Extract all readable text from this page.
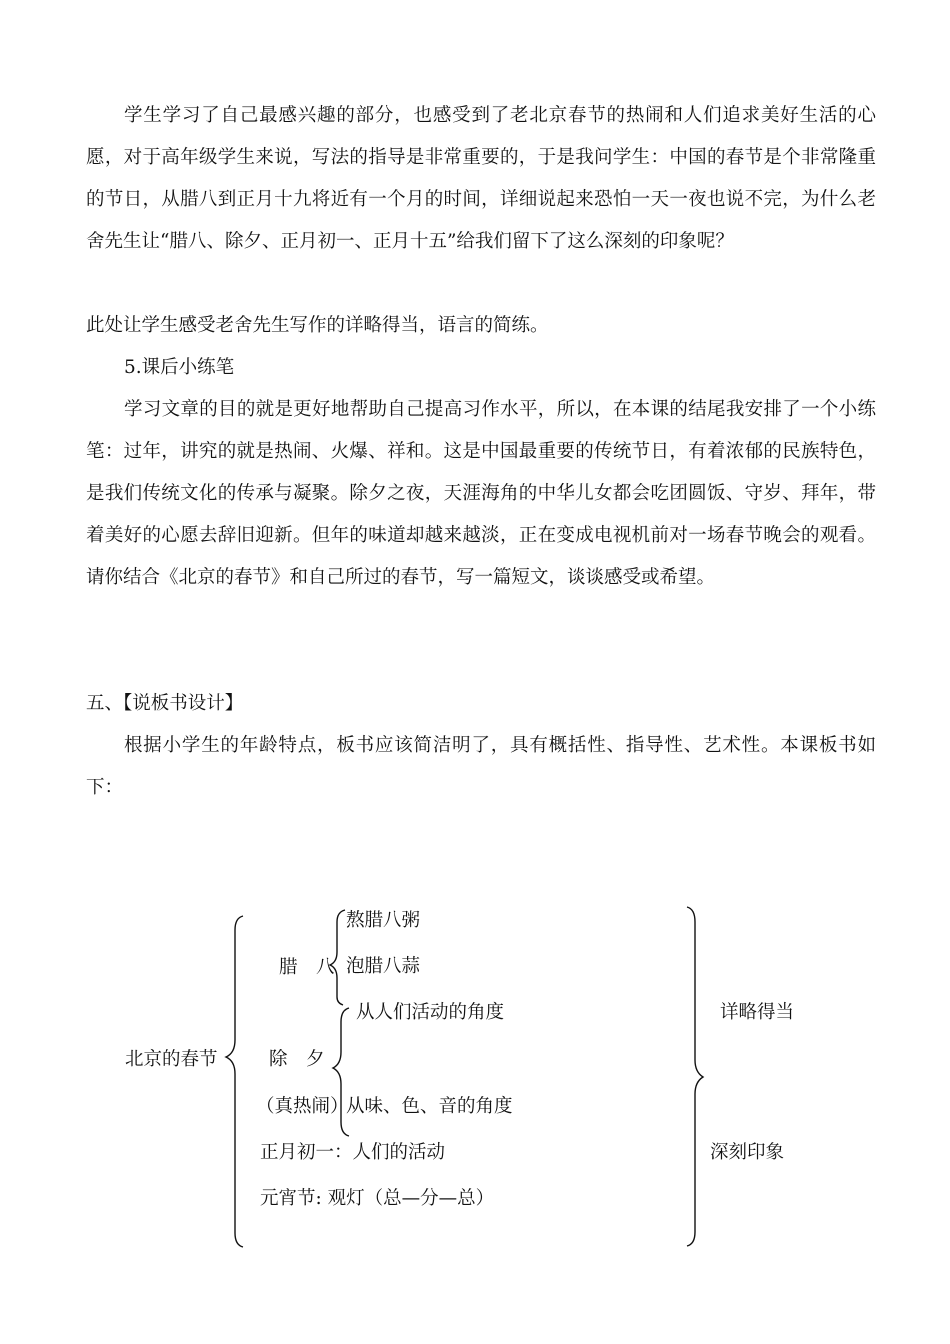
学生学习了自己最感兴趣的部分，也感受到了老北京春节的热闹和人们追求美好生活的心愿，对于高年级学生来说，写法的指导是非常重要的，于是我问学生：中国的春节是个非常隆重的节日，从腊八到正月十九将近有一个月的时间，详细说起来恐怕一天一夜也说不完，为什么老舍先生让“腊八、除夕、正月初一、正月十五”给我们留下了这么深刻的印象呢？

此处让学生感受老舍先生写作的详略得当，语言的简练。

5.课后小练笔

学习文章的目的就是更好地帮助自己提高习作水平，所以，在本课的结尾我安排了一个小练笔：过年，讲究的就是热闹、火爆、祥和。这是中国最重要的传统节日，有着浓郁的民族特色，是我们传统文化的传承与凝聚。除夕之夜，天涯海角的中华儿女都会吃团圆饭、守岁、拜年，带着美好的心愿去辞旧迎新。但年的味道却越来越淡，正在变成电视机前对一场春节晚会的观看。请你结合《北京的春节》和自己所过的春节，写一篇短文，谈谈感受或希望。

五、【说板书设计】

根据小学生的年龄特点，板书应该简洁明了，具有概括性、指导性、艺术性。本课板书如下：

北京的春节
腊　八
熬腊八粥
泡腊八蒜
除　夕
（真热闹）
从人们活动的角度
从味、色、音的角度
正月初一：人们的活动
元宵节: 观灯（总—分—总）
详略得当
深刻印象
